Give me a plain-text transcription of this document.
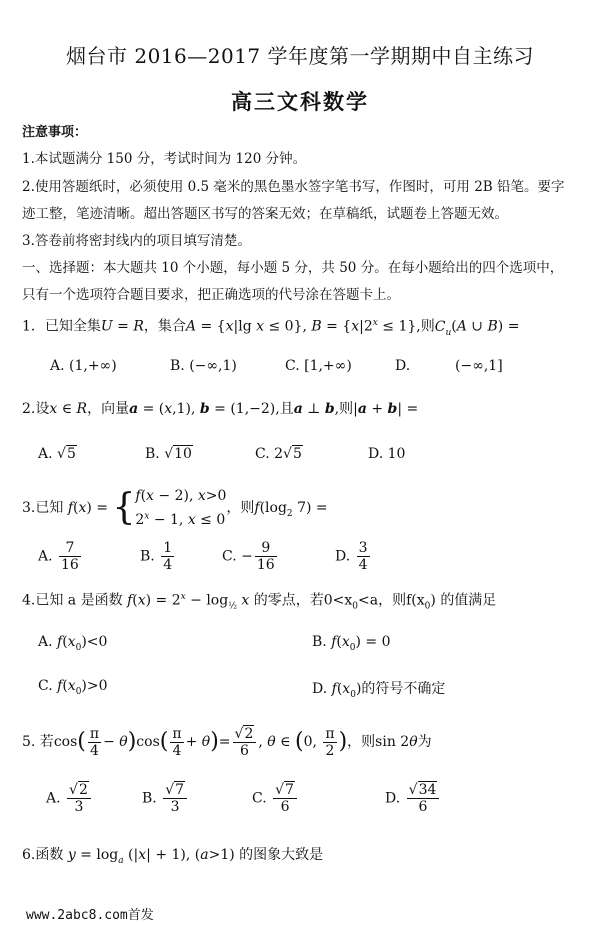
烟台市 2016—2017 学年度第一学期期中自主练习
高三文科数学
注意事项：
1.本试题满分 150 分，考试时间为 120 分钟。
2.使用答题纸时，必须使用 0.5 毫米的黑色墨水签字笔书写，作图时，可用 2B 铅笔。要字
迹工整，笔迹清晰。超出答题区书写的答案无效；在草稿纸，试题卷上答题无效。
3.答卷前将密封线内的项目填写清楚。
一、选择题：本大题共 10 个小题，每小题 5 分，共 50 分。在每小题给出的四个选项中，
只有一个选项符合题目要求，把正确选项的代号涂在答题卡上。
1．已知全集U = R，集合A = {x|lg x ≤ 0}, $B = \{x|2^x \le 1\}$,则$C_u(A$ ∪ B) =
A. (1,+∞)	B. (−∞,1)	C. [1,+∞)	D.	(−∞,1]
2.设x ∈ R，向量a = (x,1), b = (1,−2),且a ⊥ b,则|a + b| =
A. √5	B. √10	C. 2√5	D. 10
3.已知 f(x) = {f(x − 2), x>0
$2^x - 1$, x ≤ 0，则$f(\log_2$ 7) =
A. $\frac{7}{16}$	B. $\frac{1}{4}$	C. − $\frac{9}{16}$	D. $\frac{3}{4}$
4.已知 a 是函数 $f(x) = 2^x - \log_{\frac{1}{2}} x$ 的零点，若$0<x_0<a$，则$f(x_0)$ 的值满足
A. $f(x_0)<0$	B. $f(x_0) = 0$
C. $f(x_0)>0$	D. $f(x_0)$的符号不确定
5. 若$\cos( \frac{\pi}{4} - \theta)\cos( \frac{\pi}{4} + \theta)= \frac{√2}{6}$ , θ ∈ (0, $\frac{\pi}{2}$ )，则sin 2θ为
A. $\frac{√2}{3}$	B. $\frac{√7}{3}$	C. $\frac{√7}{6}$	D. $\frac{√34}{6}$
6.函数 $y = \log_a (|x| + 1)$, (a>1) 的图象大致是
www.2abc8.com首发
